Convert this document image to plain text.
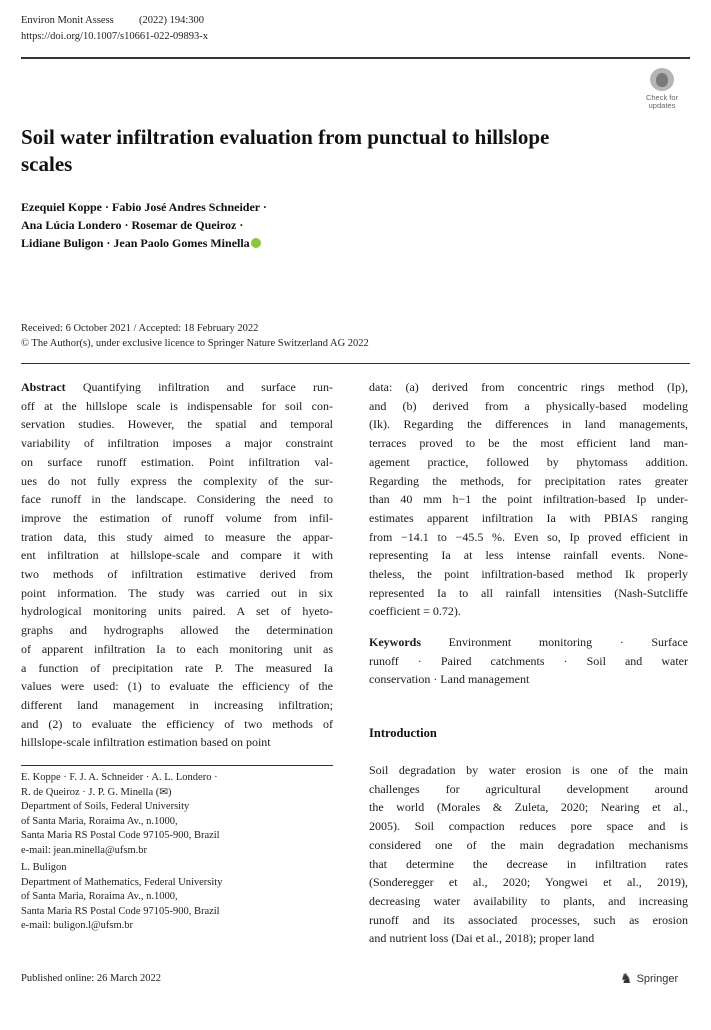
Environ Monit Assess (2022) 194:300
https://doi.org/10.1007/s10661-022-09893-x
Check for
updates
Soil water infiltration evaluation from punctual to hillslope
scales
Ezequiel Koppe · Fabio José Andres Schneider ·
Ana Lúcia Londero · Rosemar de Queiroz ·
Lidiane Buligon · Jean Paolo Gomes Minella
Received: 6 October 2021 / Accepted: 18 February 2022
© The Author(s), under exclusive licence to Springer Nature Switzerland AG 2022
Abstract Quantifying infiltration and surface run-
off at the hillslope scale is indispensable for soil con-
servation studies. However, the spatial and temporal
variability of infiltration imposes a major constraint
on surface runoff estimation. Point infiltration val-
ues do not fully express the complexity of the sur-
face runoff in the landscape. Considering the need to
improve the estimation of runoff volume from infil-
tration data, this study aimed to measure the appar-
ent infiltration at hillslope-scale and compare it with
two methods of infiltration estimative derived from
point information. The study was carried out in six
hydrological monitoring units paired. A set of hyeto-
graphs and hydrographs allowed the determination
of apparent infiltration Ia to each monitoring unit as
a function of precipitation rate P. The measured Ia
values were used: (1) to evaluate the efficiency of the
different land management in increasing infiltration;
and (2) to evaluate the efficiency of two methods of
hillslope-scale infiltration estimation based on point
data: (a) derived from concentric rings method (Ip),
and (b) derived from a physically-based modeling
(Ik). Regarding the differences in land managements,
terraces proved to be the most efficient land man-
agement practice, followed by phytomass addition.
Regarding the methods, for precipitation rates greater
than 40 mm h−1 the point infiltration-based Ip under-
estimates apparent infiltration Ia with PBIAS ranging
from −14.1 to −45.5 %. Even so, Ip proved efficient in
representing Ia at less intense rainfall events. None-
theless, the point infiltration-based method Ik properly
represented Ia to all rainfall intensities (Nash-Sutcliffe
coefficient = 0.72).
Keywords Environment monitoring · Surface
runoff · Paired catchments · Soil and water
conservation · Land management
Introduction
E. Koppe · F. J. A. Schneider · A. L. Londero ·
R. de Queiroz · J. P. G. Minella (✉)
Department of Soils, Federal University
of Santa Maria, Roraima Av., n.1000,
Santa Maria RS Postal Code 97105-900, Brazil
e-mail: jean.minella@ufsm.br
L. Buligon
Department of Mathematics, Federal University
of Santa Maria, Roraima Av., n.1000,
Santa Maria RS Postal Code 97105-900, Brazil
e-mail: buligon.l@ufsm.br
Soil degradation by water erosion is one of the main
challenges for agricultural development around
the world (Morales & Zuleta, 2020; Nearing et al.,
2005). Soil compaction reduces pore space and is
considered one of the main degradation mechanisms
that determine the decrease in infiltration rates
(Sonderegger et al., 2020; Yongwei et al., 2019),
decreasing water availability to plants, and increasing
runoff and its associated processes, such as erosion
and nutrient loss (Dai et al., 2018); proper land
Published online: 26 March 2022	♞ Springer
